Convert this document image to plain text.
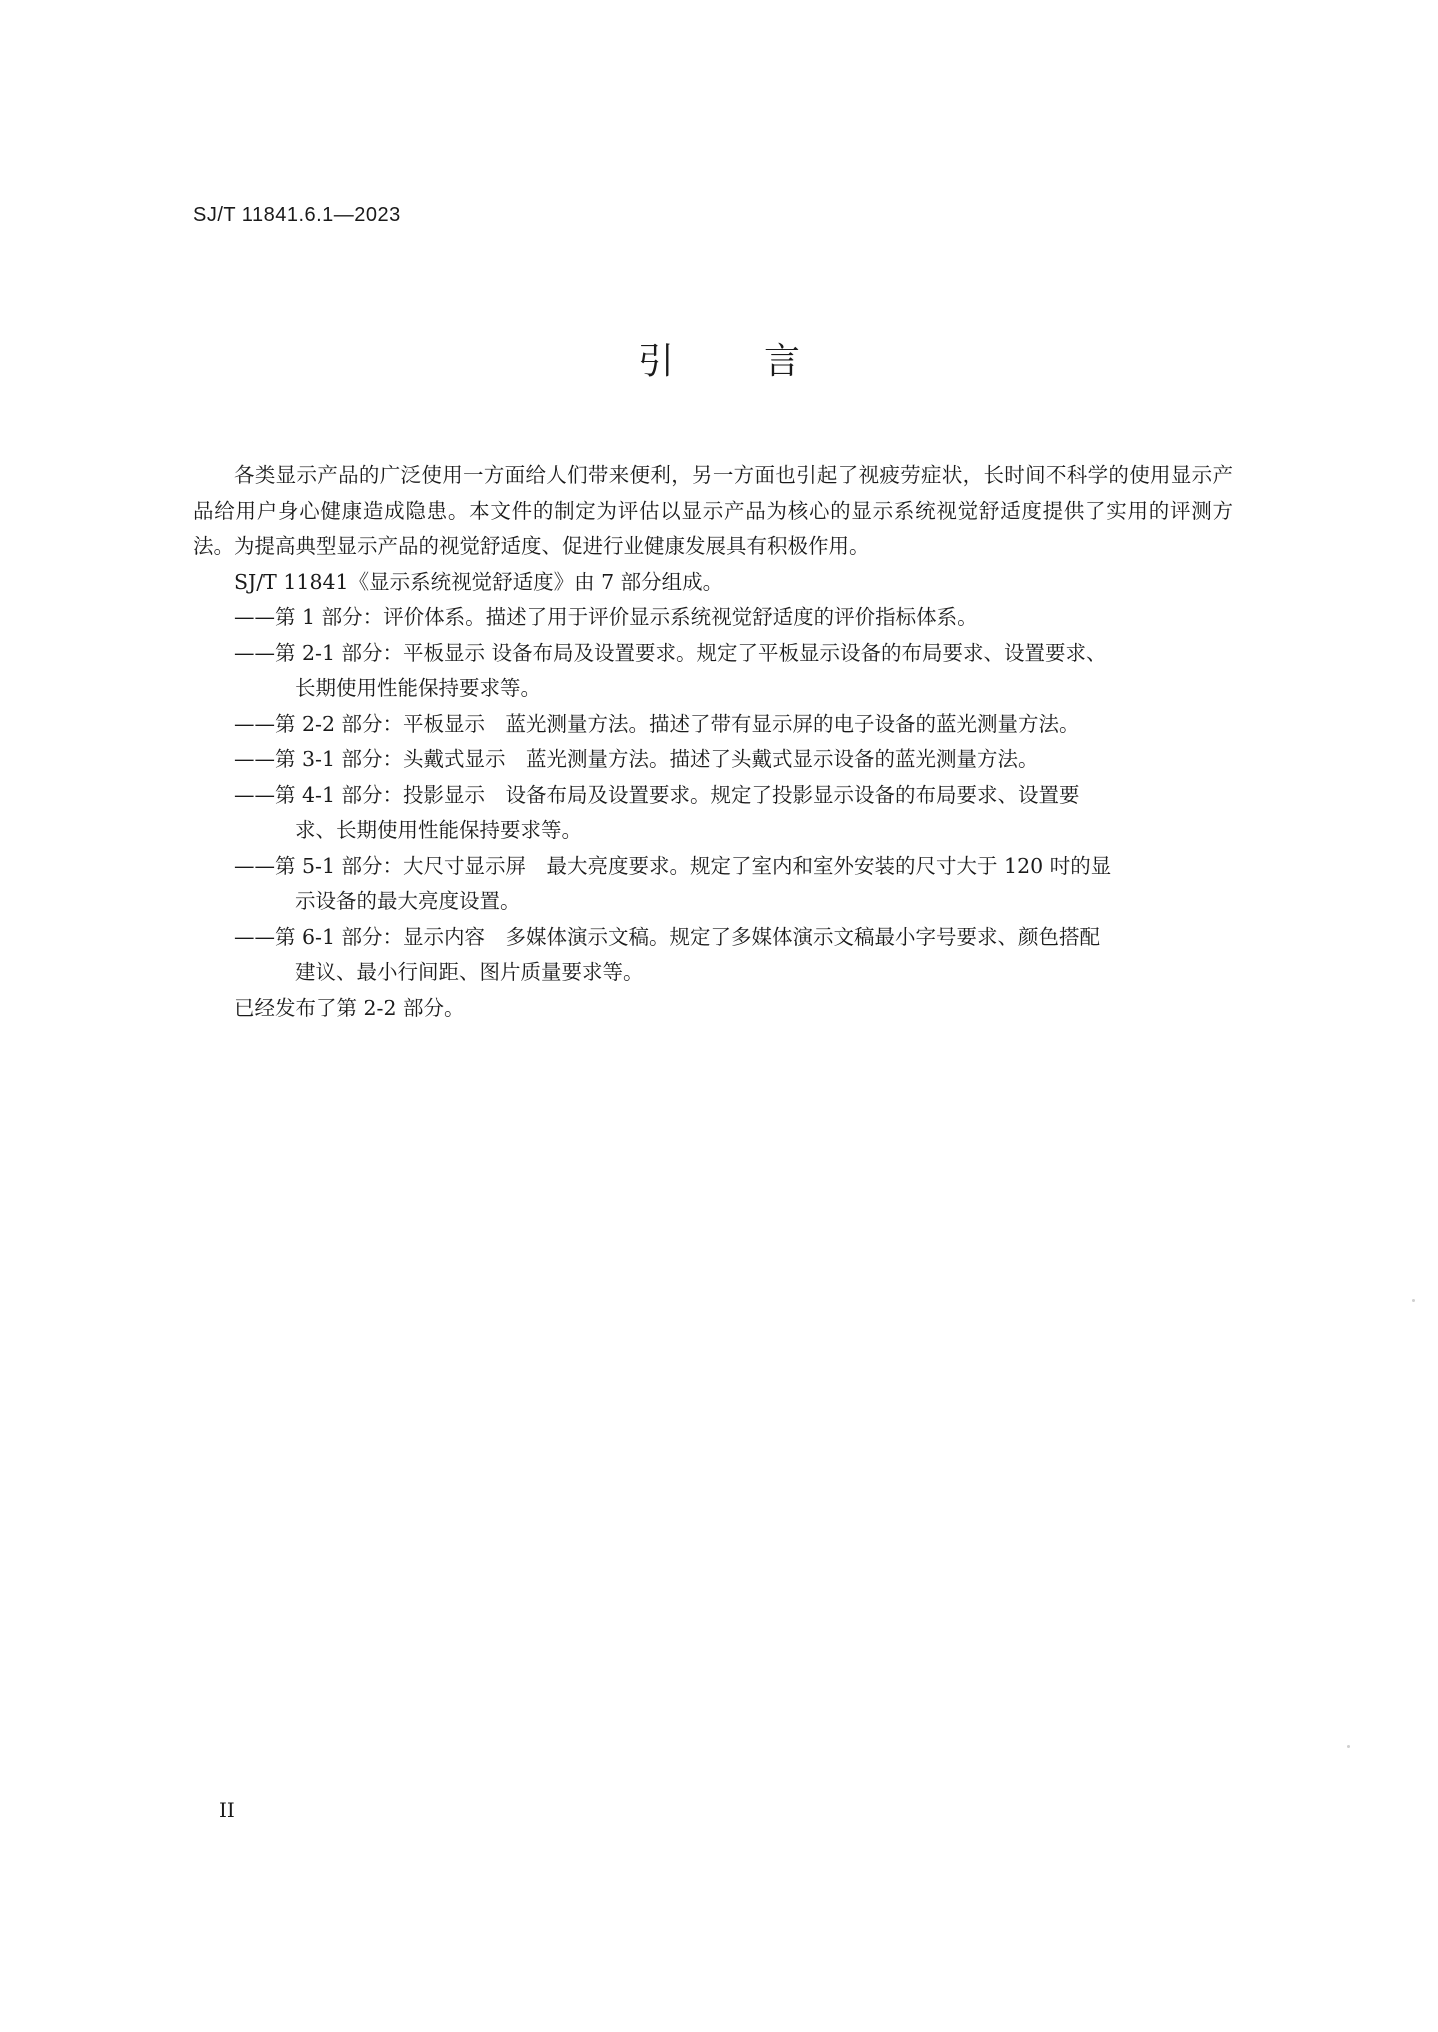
SJ/T 11841.6.1—2023
引言

各类显示产品的广泛使用一方面给人们带来便利，另一方面也引起了视疲劳症状，长时间不科学的使用显示产品给用户身心健康造成隐患。本文件的制定为评估以显示产品为核心的显示系统视觉舒适度提供了实用的评测方法。为提高典型显示产品的视觉舒适度、促进行业健康发展具有积极作用。

SJ/T 11841《显示系统视觉舒适度》由 7 部分组成。

——第 1 部分：评价体系。描述了用于评价显示系统视觉舒适度的评价指标体系。
——第 2-1 部分：平板显示 设备布局及设置要求。规定了平板显示设备的布局要求、设置要求、
长期使用性能保持要求等。
——第 2-2 部分：平板显示　蓝光测量方法。描述了带有显示屏的电子设备的蓝光测量方法。
——第 3-1 部分：头戴式显示　蓝光测量方法。描述了头戴式显示设备的蓝光测量方法。
——第 4-1 部分：投影显示　设备布局及设置要求。规定了投影显示设备的布局要求、设置要
求、长期使用性能保持要求等。
——第 5-1 部分：大尺寸显示屏　最大亮度要求。规定了室内和室外安装的尺寸大于 120 吋的显
示设备的最大亮度设置。
——第 6-1 部分：显示内容　多媒体演示文稿。规定了多媒体演示文稿最小字号要求、颜色搭配
建议、最小行间距、图片质量要求等。

已经发布了第 2-2 部分。

II
